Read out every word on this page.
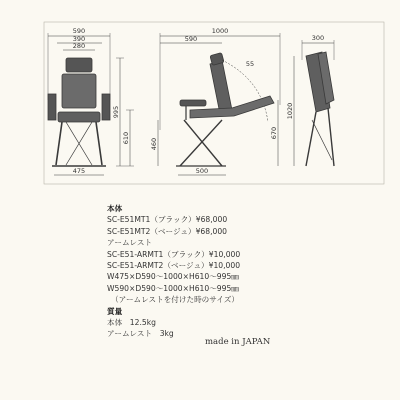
590
390
280
995
610
475
1000
590
55
460
670
500
300
1020
本体
SC-E51MT1（ブラック）¥68,000
SC-E51MT2（ベージュ）¥68,000
アームレスト
SC-E51-ARMT1（ブラック）¥10,000
SC-E51-ARMT2（ベージュ）¥10,000
W475×D590～1000×H610～995㎜
W590×D590～1000×H610～995㎜
（アームレストを付けた時のサイズ）
質量
本体　12.5kg
アームレスト　3kg
made in JAPAN
